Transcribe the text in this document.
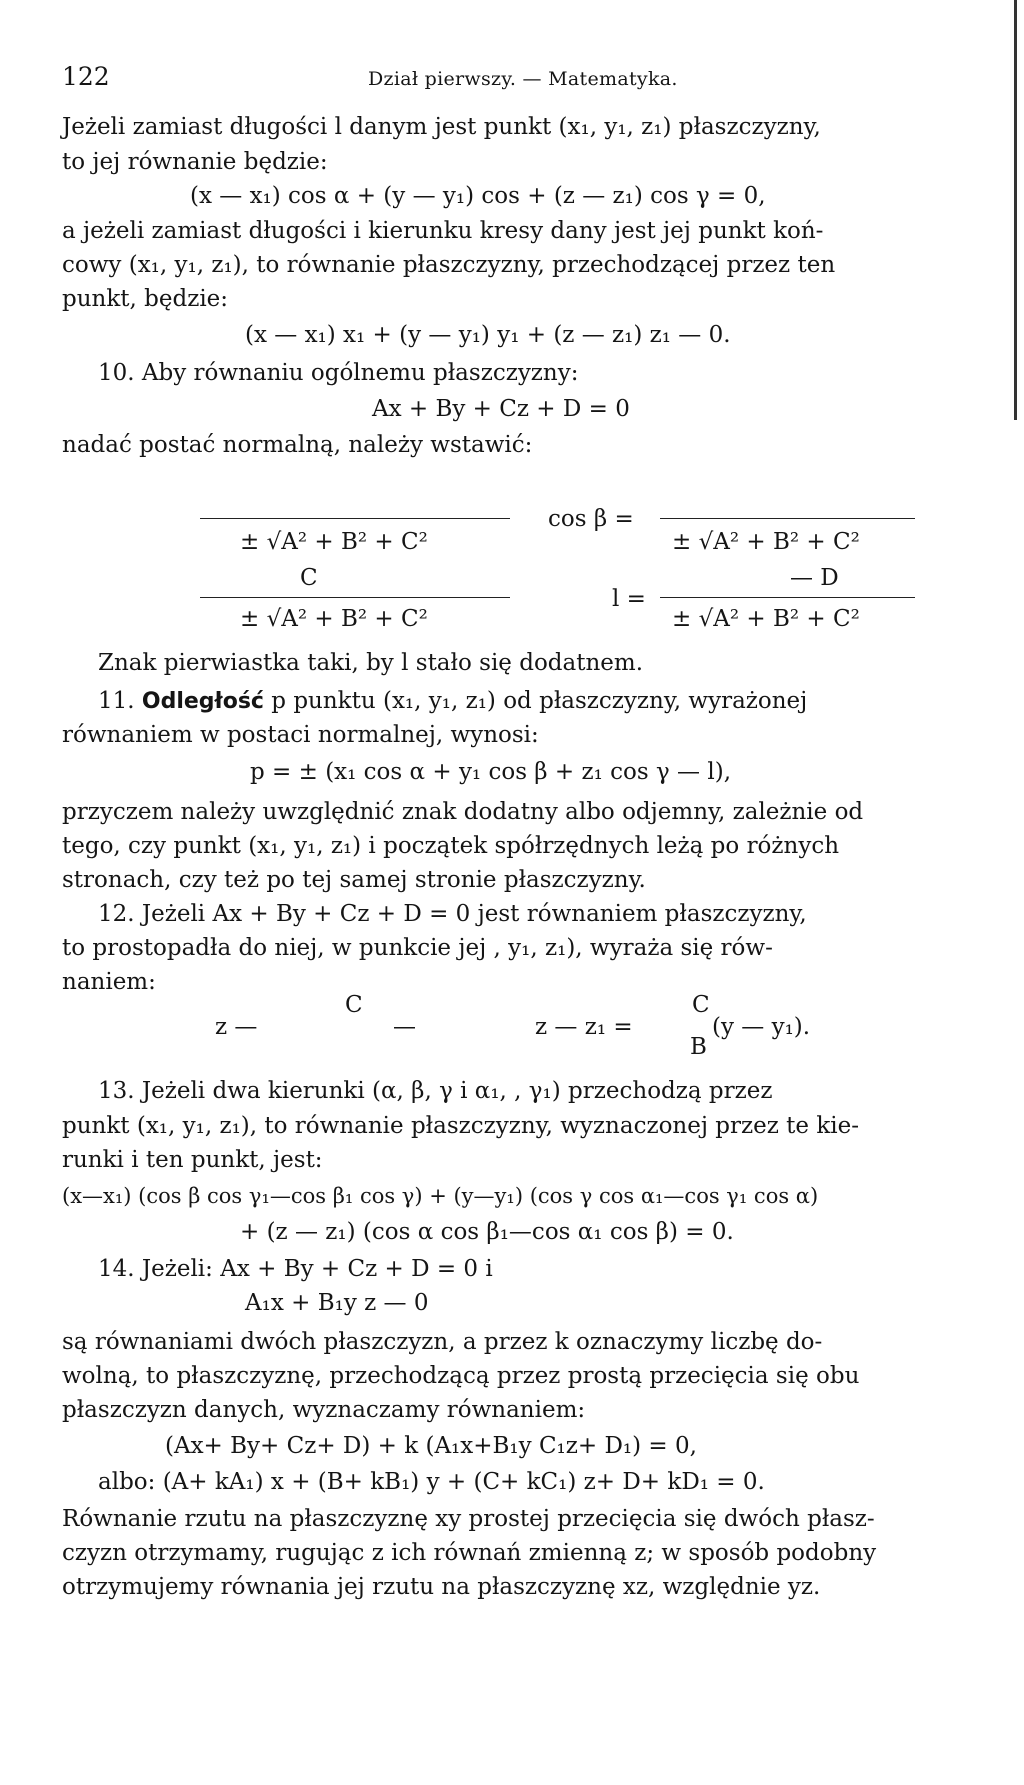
122	Dział pierwszy. — Matematyka.
Jeżeli zamiast długości l danym jest punkt (x₁, y₁, z₁) płaszczyzny,
to jej równanie będzie:
(x — x₁) cos α + (y — y₁) cos + (z — z₁) cos γ = 0,
a jeżeli zamiast długości i kierunku kresy dany jest jej punkt koń-
cowy (x₁, y₁, z₁), to równanie płaszczyzny, przechodzącej przez ten
punkt, będzie:
(x — x₁) x₁ + (y — y₁) y₁ + (z — z₁) z₁ — 0.
10. Aby równaniu ogólnemu płaszczyzny:
Ax + By + Cz + D = 0
nadać postać normalną, należy wstawić:
cos β =
± √A² + B² + C²	± √A² + B² + C²
C	— D
l =
± √A² + B² + C²	± √A² + B² + C²
Znak pierwiastka taki, by l stało się dodatnem.
11. Odległość p punktu (x₁, y₁, z₁) od płaszczyzny, wyrażonej
równaniem w postaci normalnej, wynosi:
p = ± (x₁ cos α + y₁ cos β + z₁ cos γ — l),
przyczem należy uwzględnić znak dodatny albo odjemny, zależnie od
tego, czy punkt (x₁, y₁, z₁) i początek spółrzędnych leżą po różnych
stronach, czy też po tej samej stronie płaszczyzny.
12. Jeżeli Ax + By + Cz + D = 0 jest równaniem płaszczyzny,
to prostopadła do niej, w punkcie jej , y₁, z₁), wyraża się rów-
naniem:
C	C
z —	—	z — z₁ =	(y — y₁).
B
13. Jeżeli dwa kierunki (α, β, γ i α₁, , γ₁) przechodzą przez
punkt (x₁, y₁, z₁), to równanie płaszczyzny, wyznaczonej przez te kie-
runki i ten punkt, jest:
(x—x₁) (cos β cos γ₁—cos β₁ cos γ) + (y—y₁) (cos γ cos α₁—cos γ₁ cos α)
+ (z — z₁) (cos α cos β₁—cos α₁ cos β) = 0.
14. Jeżeli: Ax + By + Cz + D = 0 i
A₁x + B₁y z — 0
są równaniami dwóch płaszczyzn, a przez k oznaczymy liczbę do-
wolną, to płaszczyznę, przechodzącą przez prostą przecięcia się obu
płaszczyzn danych, wyznaczamy równaniem:
(Ax+ By+ Cz+ D) + k (A₁x+B₁y C₁z+ D₁) = 0,
albo: (A+ kA₁) x + (B+ kB₁) y + (C+ kC₁) z+ D+ kD₁ = 0.
Równanie rzutu na płaszczyznę xy prostej przecięcia się dwóch płasz-
czyzn otrzymamy, rugując z ich równań zmienną z; w sposób podobny
otrzymujemy równania jej rzutu na płaszczyznę xz, względnie yz.
